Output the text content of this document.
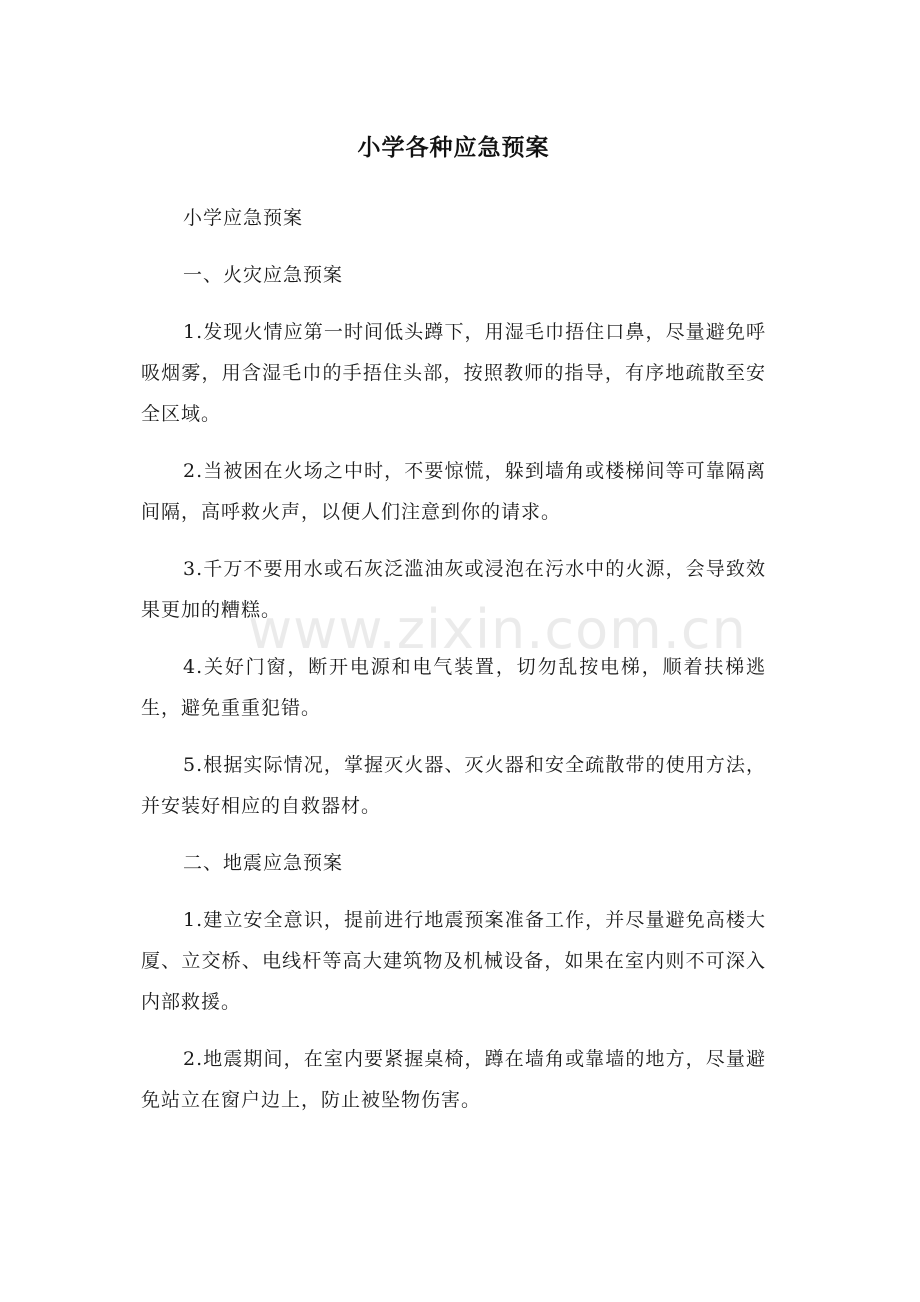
小学各种应急预案

小学应急预案

一、火灾应急预案

1.发现火情应第一时间低头蹲下，用湿毛巾捂住口鼻，尽量避免呼吸烟雾，用含湿毛巾的手捂住头部，按照教师的指导，有序地疏散至安全区域。

2.当被困在火场之中时，不要惊慌，躲到墙角或楼梯间等可靠隔离间隔，高呼救火声，以便人们注意到你的请求。

3.千万不要用水或石灰泛滥油灰或浸泡在污水中的火源，会导致效果更加的糟糕。

4.关好门窗，断开电源和电气装置，切勿乱按电梯，顺着扶梯逃生，避免重重犯错。

5.根据实际情况，掌握灭火器、灭火器和安全疏散带的使用方法，并安装好相应的自救器材。

二、地震应急预案

1.建立安全意识，提前进行地震预案准备工作，并尽量避免高楼大厦、立交桥、电线杆等高大建筑物及机械设备，如果在室内则不可深入内部救援。

2.地震期间，在室内要紧握桌椅，蹲在墙角或靠墙的地方，尽量避免站立在窗户边上，防止被坠物伤害。

www.zixin.com.cn
